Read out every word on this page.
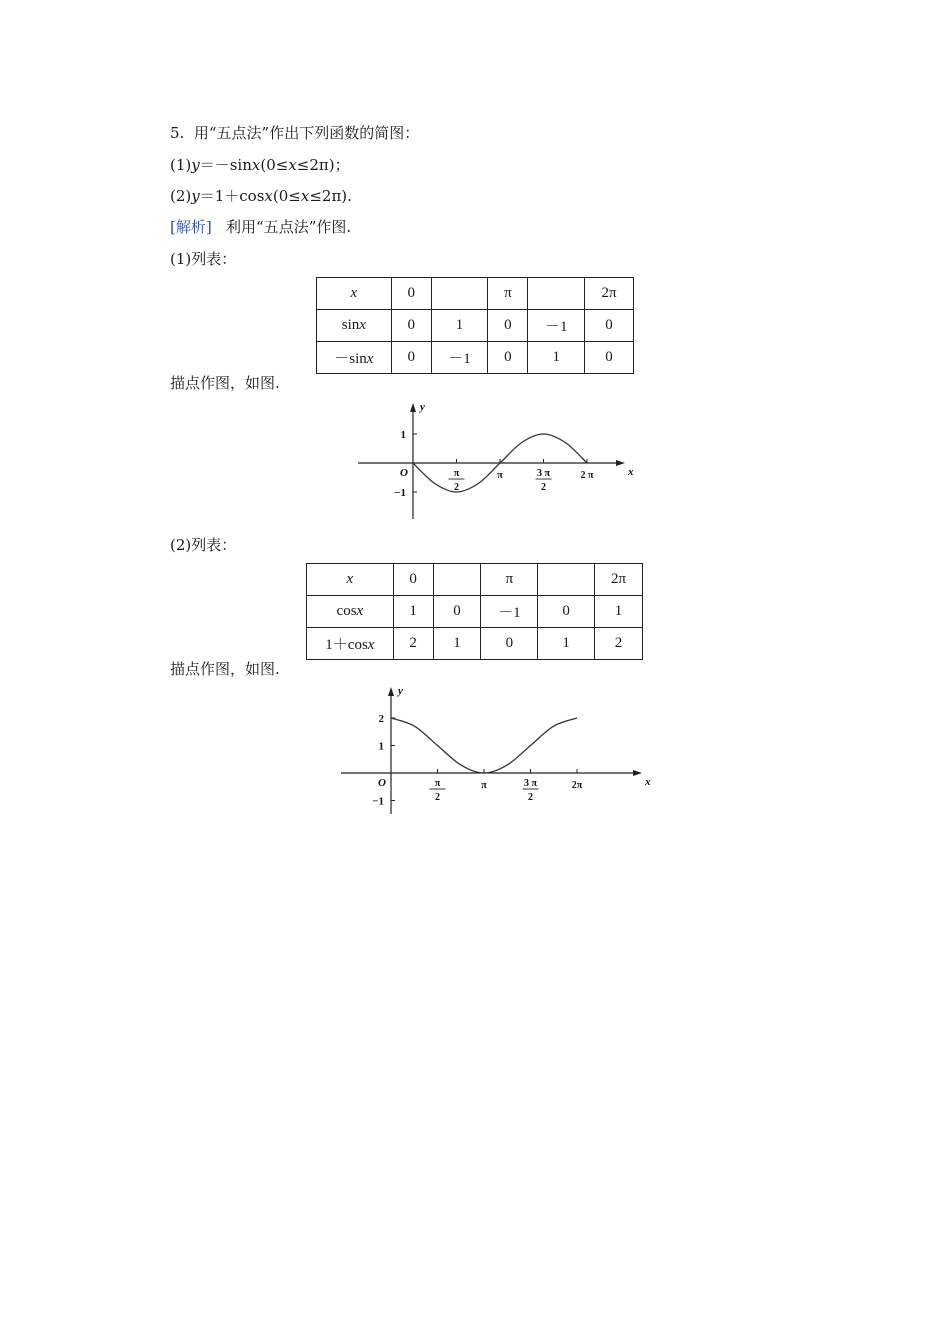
5. 用“五点法”作出下列函数的简图：
(1)y＝－sinx(0≤x≤2π)；
(2)y＝1＋cosx(0≤x≤2π).
[解析] 利用“五点法”作图.
(1)列表：
x	0		π		2π
sinx	0	1	0	－1	0
－sinx	0	－1	0	1	0
描点作图，如图.
y
x
O
1
−1
π
2
π	3 π
2
2 π
(2)列表：
x	0		π		2π
cosx	1	0	－1	0	1
1＋cosx	2	1	0	1	2
描点作图，如图.
y
x
O
2
1
−1
π
2
π	3 π
2
2π
